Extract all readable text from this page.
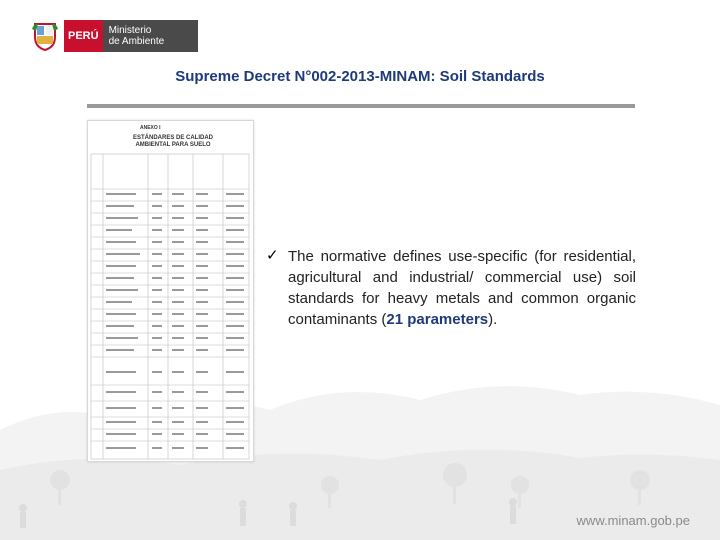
PERÚ	Ministerio
de Ambiente
Supreme Decret N°002-2013-MINAM: Soil Standards
ANEXO I
ESTÁNDARES DE CALIDAD AMBIENTAL PARA SUELO
✓ The normative defines use-specific (for residential, agricultural and industrial/ commercial use) soil standards for heavy metals and common organic contaminants (21 parameters).
www.minam.gob.pe
